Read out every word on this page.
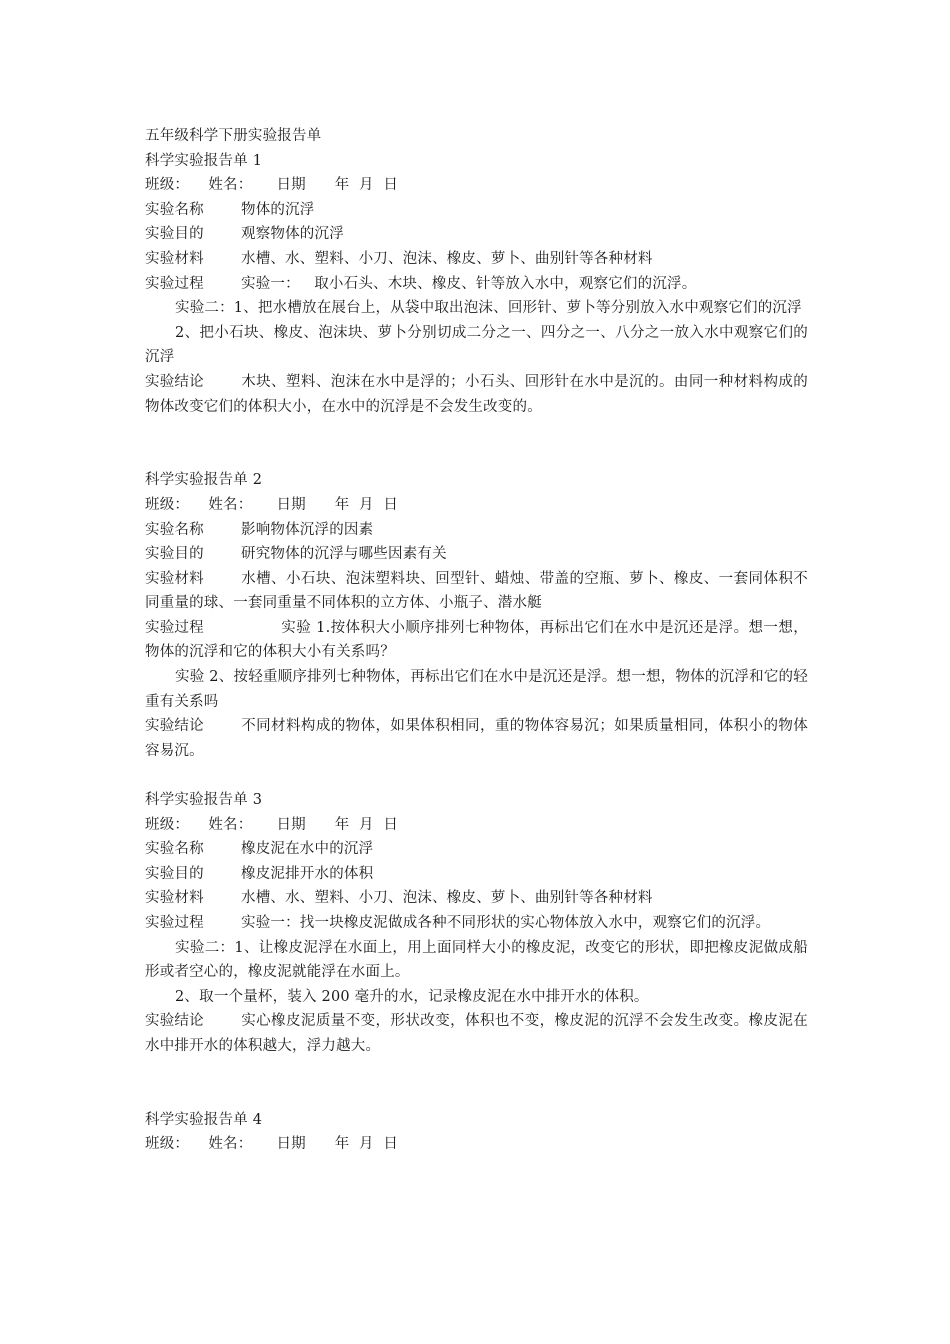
五年级科学下册实验报告单
科学实验报告单 1
班级：    姓名：     日期      年  月  日
实验名称	物体的沉浮
实验目的	观察物体的沉浮
实验材料	水槽、水、塑料、小刀、泡沫、橡皮、萝卜、曲别针等各种材料
实验过程	实验一：   取小石头、木块、橡皮、针等放入水中，观察它们的沉浮。
实验二：1、把水槽放在展台上，从袋中取出泡沫、回形针、萝卜等分别放入水中观察它们的沉浮
2、把小石块、橡皮、泡沫块、萝卜分别切成二分之一、四分之一、八分之一放入水中观察它们的沉浮
实验结论	木块、塑料、泡沫在水中是浮的；小石头、回形针在水中是沉的。由同一种材料构成的物体改变它们的体积大小，在水中的沉浮是不会发生改变的。
科学实验报告单 2
班级：    姓名：     日期      年  月  日
实验名称	影响物体沉浮的因素
实验目的	研究物体的沉浮与哪些因素有关
实验材料	水槽、小石块、泡沫塑料块、回型针、蜡烛、带盖的空瓶、萝卜、橡皮、一套同体积不同重量的球、一套同重量不同体积的立方体、小瓶子、潜水艇
实验过程	实验 1.按体积大小顺序排列七种物体，再标出它们在水中是沉还是浮。想一想，物体的沉浮和它的体积大小有关系吗？
实验 2、按轻重顺序排列七种物体，再标出它们在水中是沉还是浮。想一想，物体的沉浮和它的轻重有关系吗
实验结论	不同材料构成的物体，如果体积相同，重的物体容易沉；如果质量相同，体积小的物体容易沉。
科学实验报告单 3
班级：    姓名：     日期      年  月  日
实验名称	橡皮泥在水中的沉浮
实验目的	橡皮泥排开水的体积
实验材料	水槽、水、塑料、小刀、泡沫、橡皮、萝卜、曲别针等各种材料
实验过程	实验一：找一块橡皮泥做成各种不同形状的实心物体放入水中，观察它们的沉浮。
实验二：1、让橡皮泥浮在水面上，用上面同样大小的橡皮泥，改变它的形状，即把橡皮泥做成船形或者空心的，橡皮泥就能浮在水面上。
2、取一个量杯，装入 200 毫升的水，记录橡皮泥在水中排开水的体积。
实验结论	实心橡皮泥质量不变，形状改变，体积也不变，橡皮泥的沉浮不会发生改变。橡皮泥在水中排开水的体积越大，浮力越大。
科学实验报告单 4
班级：    姓名：     日期      年  月  日
